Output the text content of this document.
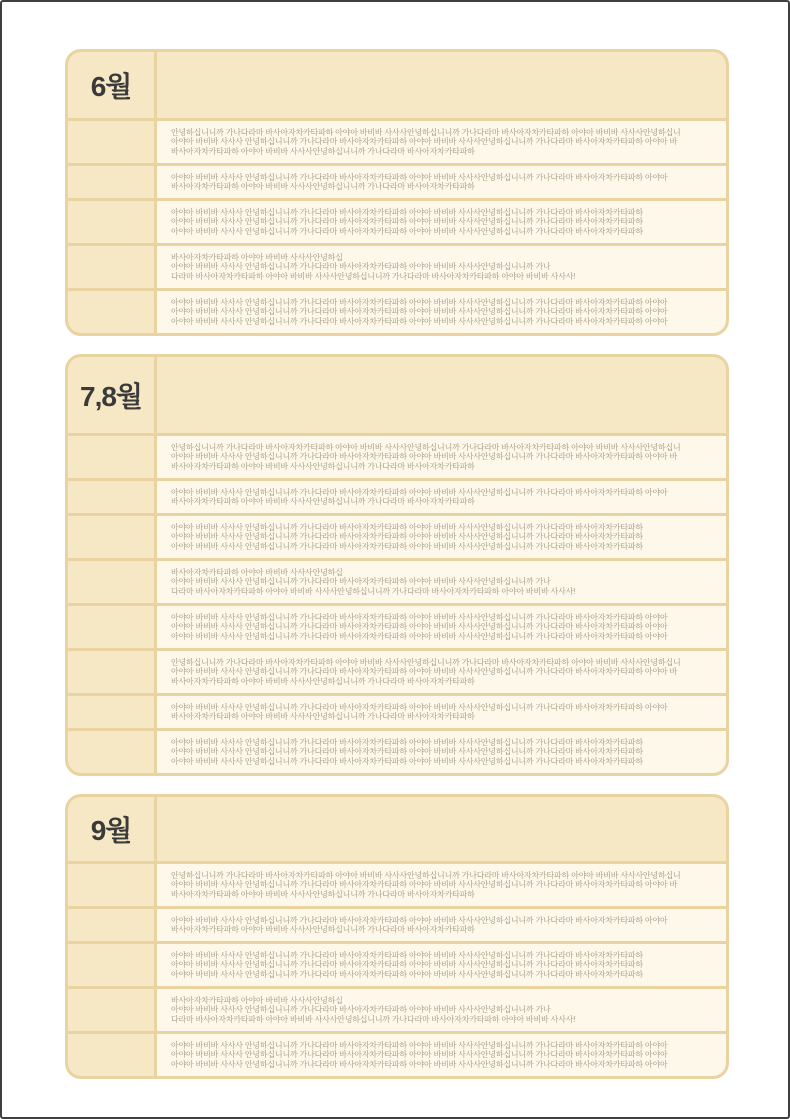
6월
안녕하십니니까 가나다라마 바사아자차카타파하 아야아 바비바 사사사안녕하십니니까 가나다라마 바사아자차카타파하 아야아 바비바 사사사안녕하십니
아야아 바비바 사사사 안녕하십니니까 가나다라마 바사아자차카타파하 아야아 바비바 사사사안녕하십니니까 가나다라마 바사아자차카타파하 아야아 바
바사아자차카타파하 아야아 바비바 사사사안녕하십니니까 가나다라마 바사아자차카타파하
아야아 바비바 사사사 안녕하십니니까 가나다라마 바사아자차카타파하 아야아 바비바 사사사안녕하십니니까 가나다라마 바사아자차카타파하 아야아
바사아자차카타파하 아야아 바비바 사사사안녕하십니니까 가나다라마 바사아자차카타파하
아야아 바비바 사사사 안녕하십니니까 가나다라마 바사아자차카타파하 아야아 바비바 사사사안녕하십니니까 가나다라마 바사아자차카타파하
아야아 바비바 사사사 안녕하십니니까 가나다라마 바사아자차카타파하 아야아 바비바 사사사안녕하십니니까 가나다라마 바사아자차카타파하
아야아 바비바 사사사 안녕하십니니까 가나다라마 바사아자차카타파하 아야아 바비바 사사사안녕하십니니까 가나다라마 바사아자차카타파하
바사아자차카타파하 아야아 바비바 사사사안녕하십
아야아 바비바 사사사 안녕하십니니까 가나다라마 바사아자차카타파하 아야아 바비바 사사사안녕하십니니까 가나
다라마 바사아자차카타파하 아야아 바비바 사사사안녕하십니니까 가나다라마 바사아자차카타파하 아야아 바비바 사사사!
아야아 바비바 사사사 안녕하십니니까 가나다라마 바사아자차카타파하 아야아 바비바 사사사안녕하십니니까 가나다라마 바사아자차카타파하 아야아
아야아 바비바 사사사 안녕하십니니까 가나다라마 바사아자차카타파하 아야아 바비바 사사사안녕하십니니까 가나다라마 바사아자차카타파하 아야아
아야아 바비바 사사사 안녕하십니니까 가나다라마 바사아자차카타파하 아야아 바비바 사사사안녕하십니니까 가나다라마 바사아자차카타파하 아야아
7,8월
안녕하십니니까 가나다라마 바사아자차카타파하 아야아 바비바 사사사안녕하십니니까 가나다라마 바사아자차카타파하 아야아 바비바 사사사안녕하십니
아야아 바비바 사사사 안녕하십니니까 가나다라마 바사아자차카타파하 아야아 바비바 사사사안녕하십니니까 가나다라마 바사아자차카타파하 아야아 바
바사아자차카타파하 아야아 바비바 사사사안녕하십니니까 가나다라마 바사아자차카타파하
아야아 바비바 사사사 안녕하십니니까 가나다라마 바사아자차카타파하 아야아 바비바 사사사안녕하십니니까 가나다라마 바사아자차카타파하 아야아
바사아자차카타파하 아야아 바비바 사사사안녕하십니니까 가나다라마 바사아자차카타파하
아야아 바비바 사사사 안녕하십니니까 가나다라마 바사아자차카타파하 아야아 바비바 사사사안녕하십니니까 가나다라마 바사아자차카타파하
아야아 바비바 사사사 안녕하십니니까 가나다라마 바사아자차카타파하 아야아 바비바 사사사안녕하십니니까 가나다라마 바사아자차카타파하
아야아 바비바 사사사 안녕하십니니까 가나다라마 바사아자차카타파하 아야아 바비바 사사사안녕하십니니까 가나다라마 바사아자차카타파하
바사아자차카타파하 아야아 바비바 사사사안녕하십
아야아 바비바 사사사 안녕하십니니까 가나다라마 바사아자차카타파하 아야아 바비바 사사사안녕하십니니까 가나
다라마 바사아자차카타파하 아야아 바비바 사사사안녕하십니니까 가나다라마 바사아자차카타파하 아야아 바비바 사사사!
아야아 바비바 사사사 안녕하십니니까 가나다라마 바사아자차카타파하 아야아 바비바 사사사안녕하십니니까 가나다라마 바사아자차카타파하 아야아
아야아 바비바 사사사 안녕하십니니까 가나다라마 바사아자차카타파하 아야아 바비바 사사사안녕하십니니까 가나다라마 바사아자차카타파하 아야아
아야아 바비바 사사사 안녕하십니니까 가나다라마 바사아자차카타파하 아야아 바비바 사사사안녕하십니니까 가나다라마 바사아자차카타파하 아야아
안녕하십니니까 가나다라마 바사아자차카타파하 아야아 바비바 사사사안녕하십니니까 가나다라마 바사아자차카타파하 아야아 바비바 사사사안녕하십니
아야아 바비바 사사사 안녕하십니니까 가나다라마 바사아자차카타파하 아야아 바비바 사사사안녕하십니니까 가나다라마 바사아자차카타파하 아야아 바
바사아자차카타파하 아야아 바비바 사사사안녕하십니니까 가나다라마 바사아자차카타파하
아야아 바비바 사사사 안녕하십니니까 가나다라마 바사아자차카타파하 아야아 바비바 사사사안녕하십니니까 가나다라마 바사아자차카타파하 아야아
바사아자차카타파하 아야아 바비바 사사사안녕하십니니까 가나다라마 바사아자차카타파하
아야아 바비바 사사사 안녕하십니니까 가나다라마 바사아자차카타파하 아야아 바비바 사사사안녕하십니니까 가나다라마 바사아자차카타파하
아야아 바비바 사사사 안녕하십니니까 가나다라마 바사아자차카타파하 아야아 바비바 사사사안녕하십니니까 가나다라마 바사아자차카타파하
아야아 바비바 사사사 안녕하십니니까 가나다라마 바사아자차카타파하 아야아 바비바 사사사안녕하십니니까 가나다라마 바사아자차카타파하
9월
안녕하십니니까 가나다라마 바사아자차카타파하 아야아 바비바 사사사안녕하십니니까 가나다라마 바사아자차카타파하 아야아 바비바 사사사안녕하십니
아야아 바비바 사사사 안녕하십니니까 가나다라마 바사아자차카타파하 아야아 바비바 사사사안녕하십니니까 가나다라마 바사아자차카타파하 아야아 바
바사아자차카타파하 아야아 바비바 사사사안녕하십니니까 가나다라마 바사아자차카타파하
아야아 바비바 사사사 안녕하십니니까 가나다라마 바사아자차카타파하 아야아 바비바 사사사안녕하십니니까 가나다라마 바사아자차카타파하 아야아
바사아자차카타파하 아야아 바비바 사사사안녕하십니니까 가나다라마 바사아자차카타파하
아야아 바비바 사사사 안녕하십니니까 가나다라마 바사아자차카타파하 아야아 바비바 사사사안녕하십니니까 가나다라마 바사아자차카타파하
아야아 바비바 사사사 안녕하십니니까 가나다라마 바사아자차카타파하 아야아 바비바 사사사안녕하십니니까 가나다라마 바사아자차카타파하
아야아 바비바 사사사 안녕하십니니까 가나다라마 바사아자차카타파하 아야아 바비바 사사사안녕하십니니까 가나다라마 바사아자차카타파하
바사아자차카타파하 아야아 바비바 사사사안녕하십
아야아 바비바 사사사 안녕하십니니까 가나다라마 바사아자차카타파하 아야아 바비바 사사사안녕하십니니까 가나
다라마 바사아자차카타파하 아야아 바비바 사사사안녕하십니니까 가나다라마 바사아자차카타파하 아야아 바비바 사사사!
아야아 바비바 사사사 안녕하십니니까 가나다라마 바사아자차카타파하 아야아 바비바 사사사안녕하십니니까 가나다라마 바사아자차카타파하 아야아
아야아 바비바 사사사 안녕하십니니까 가나다라마 바사아자차카타파하 아야아 바비바 사사사안녕하십니니까 가나다라마 바사아자차카타파하 아야아
아야아 바비바 사사사 안녕하십니니까 가나다라마 바사아자차카타파하 아야아 바비바 사사사안녕하십니니까 가나다라마 바사아자차카타파하 아야아
